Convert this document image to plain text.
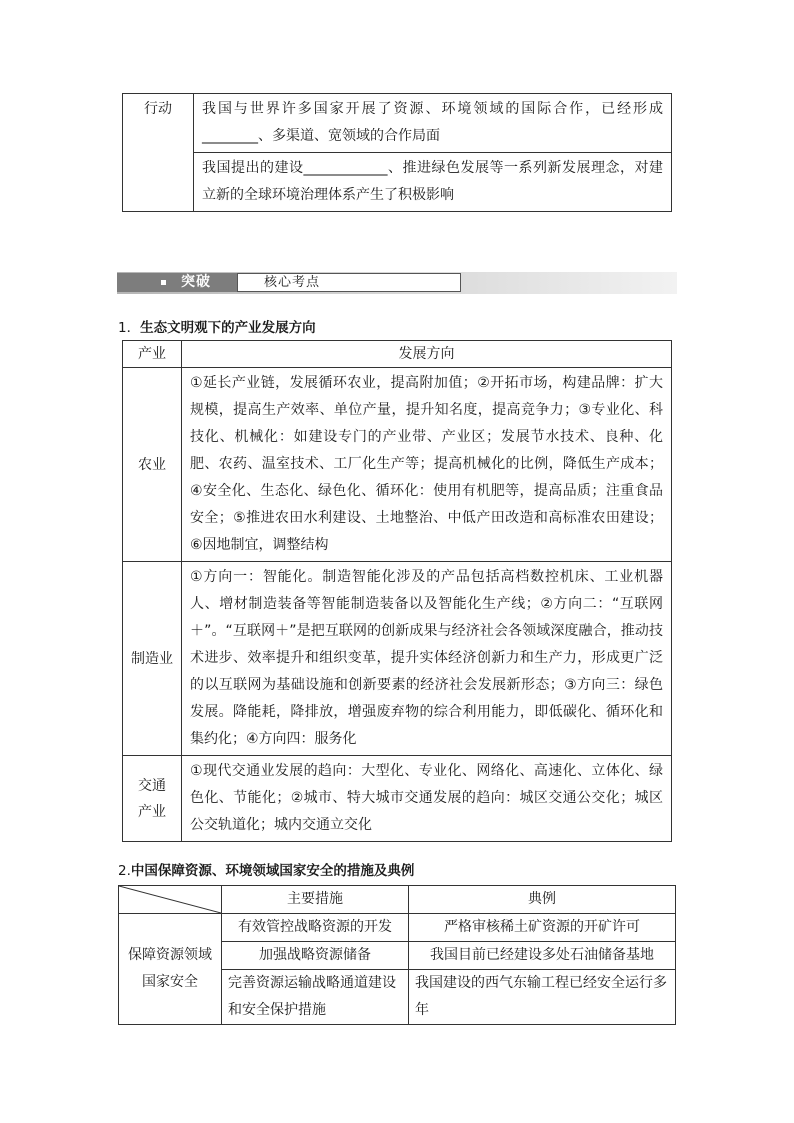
行动	我国与世界许多国家开展了资源、环境领域的国际合作，已经形成________、多渠道、宽领域的合作局面
我国提出的建设____________、推进绿色发展等一系列新发展理念，对建立新的全球环境治理体系产生了积极影响
突破	核心考点
1．生态文明观下的产业发展方向
产业	发展方向
农业	①延长产业链，发展循环农业，提高附加值；②开拓市场，构建品牌：扩大规模，提高生产效率、单位产量，提升知名度，提高竞争力；③专业化、科技化、机械化：如建设专门的产业带、产业区；发展节水技术、良种、化肥、农药、温室技术、工厂化生产等；提高机械化的比例，降低生产成本；④安全化、生态化、绿色化、循环化：使用有机肥等，提高品质；注重食品安全；⑤推进农田水利建设、土地整治、中低产田改造和高标准农田建设；⑥因地制宜，调整结构
制造业	①方向一：智能化。制造智能化涉及的产品包括高档数控机床、工业机器人、增材制造装备等智能制造装备以及智能化生产线；②方向二：“互联网＋”。“互联网＋”是把互联网的创新成果与经济社会各领域深度融合，推动技术进步、效率提升和组织变革，提升实体经济创新力和生产力，形成更广泛的以互联网为基础设施和创新要素的经济社会发展新形态；③方向三：绿色发展。降能耗，降排放，增强废弃物的综合利用能力，即低碳化、循环化和集约化；④方向四：服务化

交通
产业	①现代交通业发展的趋向：大型化、专业化、网络化、高速化、立体化、绿色化、节能化；②城市、特大城市交通发展的趋向：城区交通公交化；城区公交轨道化；城内交通立交化
2.中国保障资源、环境领域国家安全的措施及典例
	主要措施	典例

保障资源领域
国家安全	有效管控战略资源的开发	严格审核稀土矿资源的开矿许可
	加强战略资源储备	我国目前已经建设多处石油储备基地
	完善资源运输战略通道建设和安全保护措施	我国建设的西气东输工程已经安全运行多年
